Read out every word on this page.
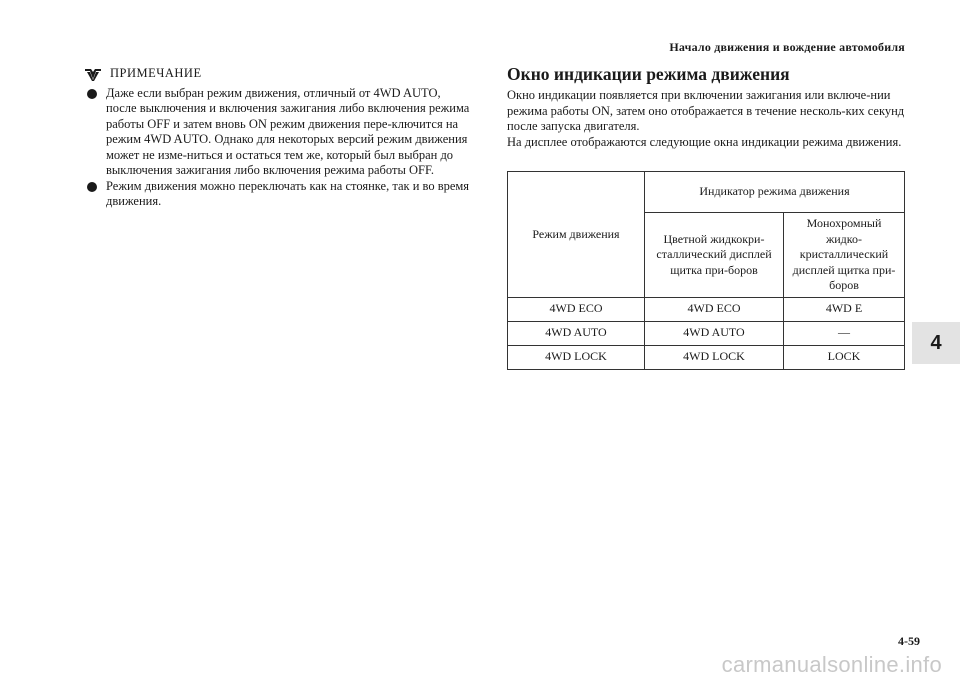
Начало движения и вождение автомобиля
ПРИМЕЧАНИЕ
Даже если выбран режим движения, отличный от 4WD AUTO, после выключения и включения зажигания либо включения режима работы OFF и затем вновь ON режим движения пере-ключится на режим 4WD AUTO. Однако для некоторых версий режим движения может не изме-ниться и остаться тем же, который был выбран до выключения зажигания либо включения режима работы OFF.
Режим движения можно переключать как на стоянке, так и во время движения.
Окно индикации режима движения
Окно индикации появляется при включении зажигания или включе-нии режима работы ON, затем оно отображается в течение несколь-ких секунд после запуска двигателя.
На дисплее отображаются следующие окна индикации режима движения.
Режим движения	Индикатор режима движения	
	Цветной жидкокри-сталлический дисплей щитка при-боров	Монохромный жидко-кристаллический дисплей щитка при-боров
4WD ECO	4WD ECO	4WD E
4WD AUTO	4WD AUTO	—
4WD LOCK	4WD LOCK	LOCK
4
4-59
carmanualsonline.info
